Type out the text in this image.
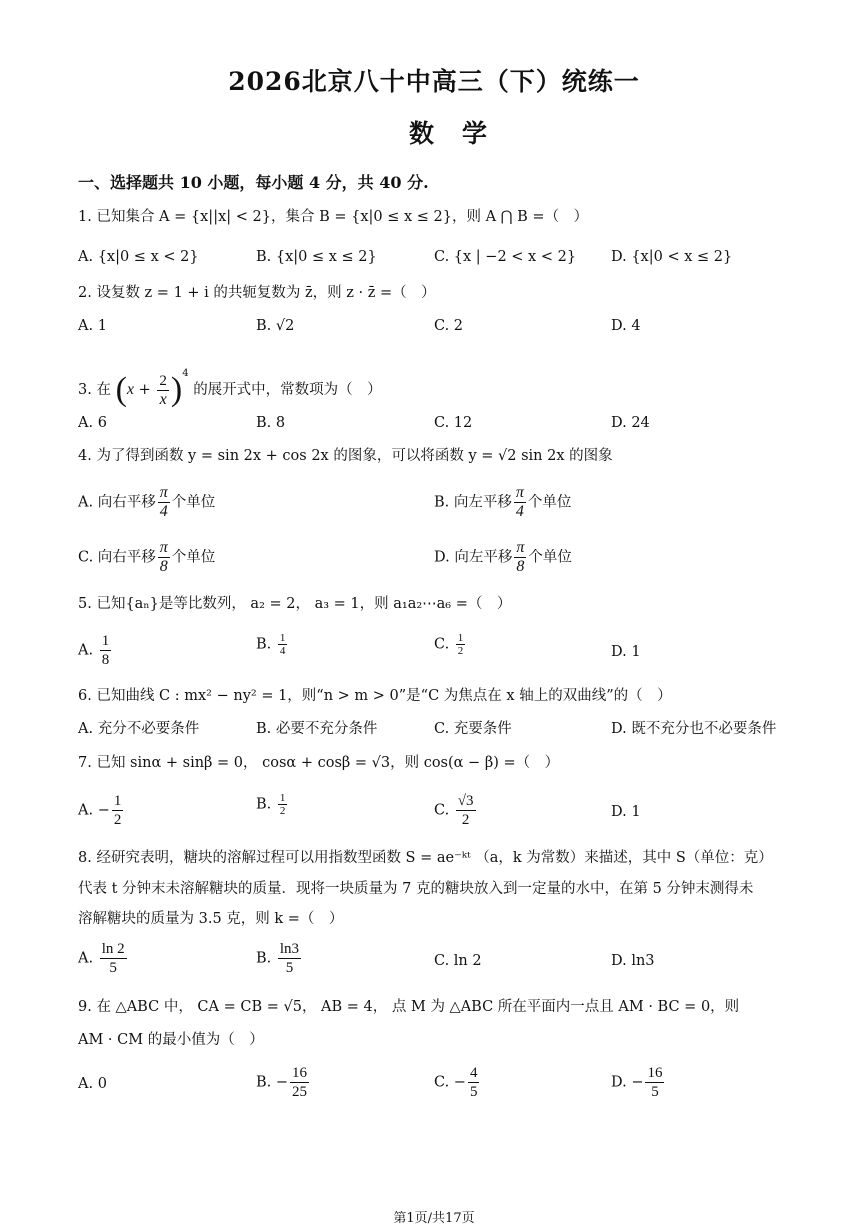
2026北京八十中高三（下）统练一
数学
一、选择题共 10 小题，每小题 4 分，共 40 分.
1. 已知集合 A = {x||x| < 2}，集合 B = {x|0 ≤ x ≤ 2}，则 A ⋂ B =（　）
A. {x|0 ≤ x < 2}	B. {x|0 ≤ x ≤ 2}	C. {x | −2 < x < 2} D. {x|0 < x ≤ 2}
2. 设复数 z = 1 + i 的共轭复数为 z̄，则 z · z̄ =（　）
A. 1	B. √2	C. 2	D. 4
3. 在 $(x + \frac{2}{x} )^4$ 的展开式中，常数项为（　）
A. 6	B. 8	C. 12	D. 24
4. 为了得到函数 y = sin 2x + cos 2x 的图象，可以将函数 y = √2 sin 2x 的图象
A. 向右平移 $\frac{\pi}{4}$ 个单位	B. 向左平移 $\frac{\pi}{4}$ 个单位
C. 向右平移 $\frac{\pi}{8}$ 个单位	D. 向左平移 $\frac{\pi}{8}$ 个单位
5. 已知{aₙ}是等比数列， a₂ = 2， a₃ = 1，则 a₁a₂⋯a₆ =（　）
A. $\frac{1}{8}$	B. $\frac{1}{4}$	C. $\frac{1}{2}$	D. 1
6. 已知曲线 C : mx² − ny² = 1，则“n > m > 0”是“C 为焦点在 x 轴上的双曲线”的（　）
A. 充分不必要条件	B. 必要不充分条件	C. 充要条件	D. 既不充分也不必要条件
7. 已知 sinα + sinβ = 0， cosα + cosβ = √3，则 cos(α − β) =（　）
A. − $\frac{1}{2}$	B. $\frac{1}{2}$	C. $\frac{√3}{2}$	D. 1
8. 经研究表明，糖块的溶解过程可以用指数型函数 S = ae⁻ᵏᵗ （a，k 为常数）来描述，其中 S（单位：克）
代表 t 分钟末未溶解糖块的质量．现将一块质量为 7 克的糖块放入到一定量的水中，在第 5 分钟末测得未
溶解糖块的质量为 3.5 克，则 k =（　）
A. $\frac{\ln 2}{5}$	B. $\frac{\ln 3}{5}$	C. ln 2	D. ln3
9. 在 △ABC 中， CA = CB = √5， AB = 4， 点 M 为 △ABC 所在平面内一点且 AM · BC = 0，则
AM · CM 的最小值为（　）
A. 0	B. − $\frac{16}{25}$	C. − $\frac{4}{5}$	D. − $\frac{16}{5}$
第1页/共17页
